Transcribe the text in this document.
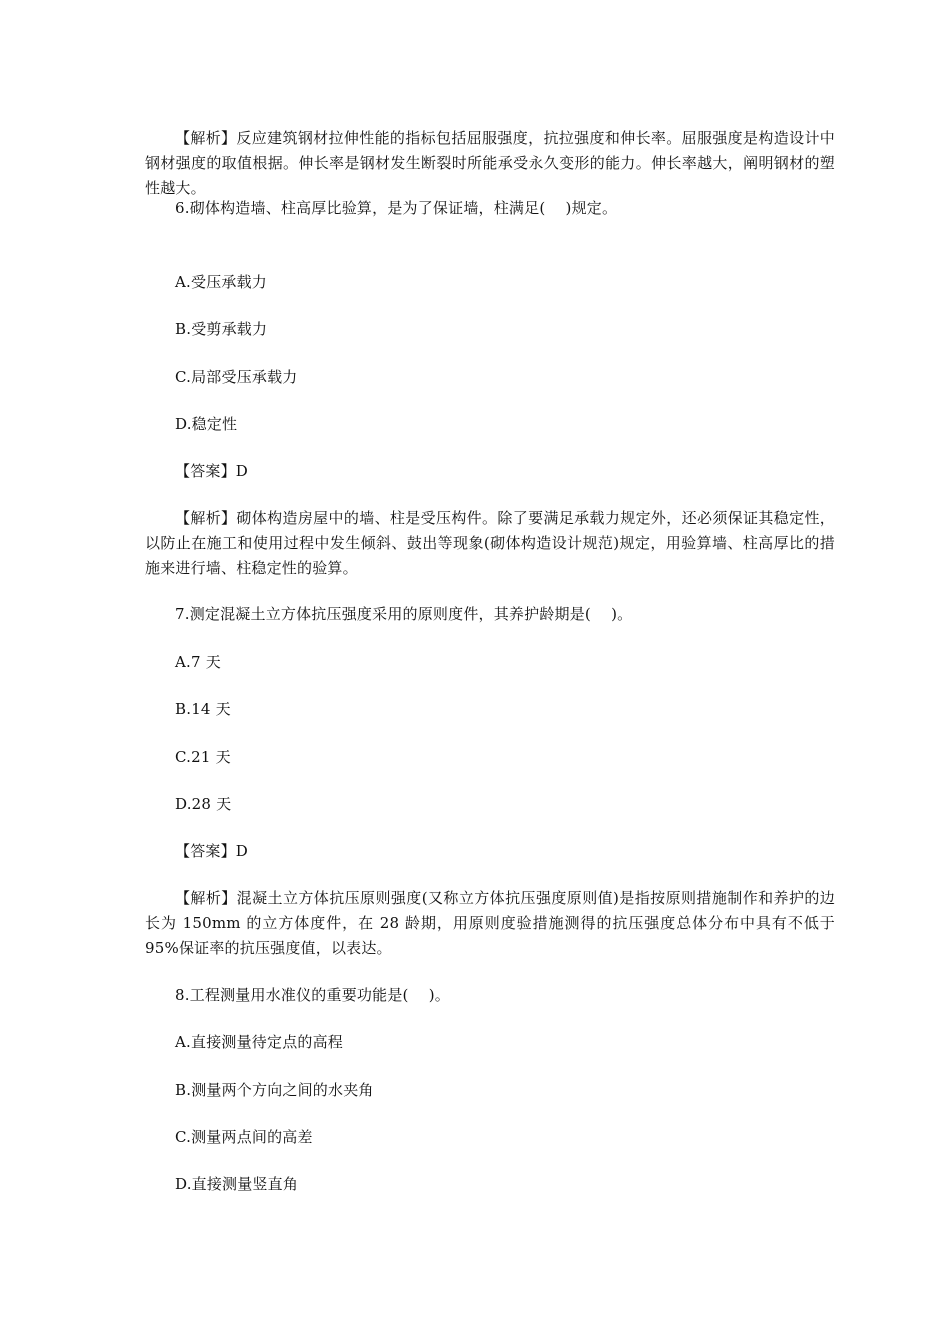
【解析】反应建筑钢材拉伸性能的指标包括屈服强度，抗拉强度和伸长率。屈服强度是构造设计中钢材强度的取值根据。伸长率是钢材发生断裂时所能承受永久变形的能力。伸长率越大，阐明钢材的塑性越大。
6.砌体构造墙、柱高厚比验算，是为了保证墙，柱满足(　 )规定。
A.受压承载力
B.受剪承载力
C.局部受压承载力
D.稳定性
【答案】D
【解析】砌体构造房屋中的墙、柱是受压构件。除了要满足承载力规定外，还必须保证其稳定性，以防止在施工和使用过程中发生倾斜、鼓出等现象(砌体构造设计规范)规定，用验算墙、柱高厚比的措施来进行墙、柱稳定性的验算。
7.测定混凝土立方体抗压强度采用的原则度件，其养护龄期是(　 )。
A.7 天
B.14 天
C.21 天
D.28 天
【答案】D
【解析】混凝土立方体抗压原则强度(又称立方体抗压强度原则值)是指按原则措施制作和养护的边长为 150mm 的立方体度件，在 28 龄期，用原则度验措施测得的抗压强度总体分布中具有不低于 95%保证率的抗压强度值，以表达。
8.工程测量用水准仪的重要功能是(　 )。
A.直接测量待定点的高程
B.测量两个方向之间的水夹角
C.测量两点间的高差
D.直接测量竖直角
